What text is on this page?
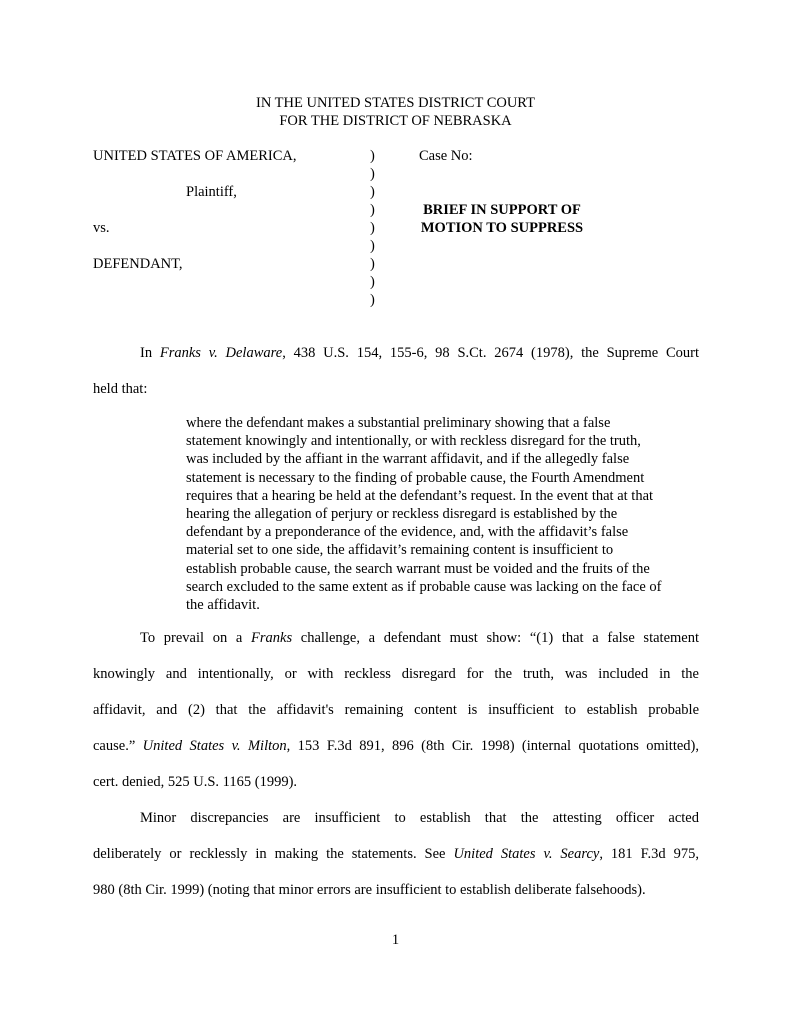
IN THE UNITED STATES DISTRICT COURT
FOR THE DISTRICT OF NEBRASKA
UNITED STATES OF AMERICA,
Plaintiff,
vs.
DEFENDANT,
)
)
)
)
)
)
)
)
)
Case No:
BRIEF IN SUPPORT OF
MOTION TO SUPPRESS
In Franks v. Delaware, 438 U.S. 154, 155-6, 98 S.Ct. 2674 (1978), the Supreme Court
held that:
where the defendant makes a substantial preliminary showing that a false
statement knowingly and intentionally, or with reckless disregard for the truth,
was included by the affiant in the warrant affidavit, and if the allegedly false
statement is necessary to the finding of probable cause, the Fourth Amendment
requires that a hearing be held at the defendant’s request. In the event that at that
hearing the allegation of perjury or reckless disregard is established by the
defendant by a preponderance of the evidence, and, with the affidavit’s false
material set to one side, the affidavit’s remaining content is insufficient to
establish probable cause, the search warrant must be voided and the fruits of the
search excluded to the same extent as if probable cause was lacking on the face of
the affidavit.
To prevail on a Franks challenge, a defendant must show: “(1) that a false statement
knowingly and intentionally, or with reckless disregard for the truth, was included in the
affidavit, and (2) that the affidavit's remaining content is insufficient to establish probable
cause.” United States v. Milton, 153 F.3d 891, 896 (8th Cir. 1998) (internal quotations omitted),
cert. denied, 525 U.S. 1165 (1999).
Minor discrepancies are insufficient to establish that the attesting officer acted
deliberately or recklessly in making the statements. See United States v. Searcy, 181 F.3d 975,
980 (8th Cir. 1999) (noting that minor errors are insufficient to establish deliberate falsehoods).
1
